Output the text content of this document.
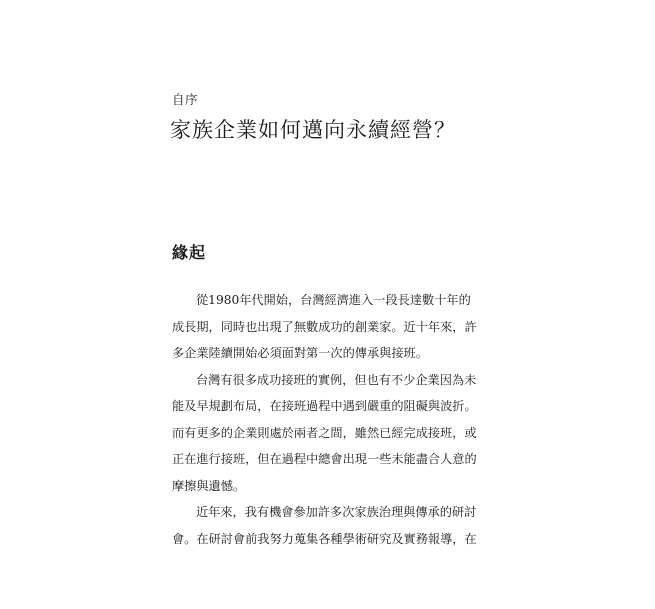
自序
家族企業如何邁向永續經營？
緣起
從1980年代開始，台灣經濟進入一段長達數十年的
成長期，同時也出現了無數成功的創業家。近十年來，許
多企業陸續開始必須面對第一次的傳承與接班。
台灣有很多成功接班的實例，但也有不少企業因為未
能及早規劃布局，在接班過程中遇到嚴重的阻礙與波折。
而有更多的企業則處於兩者之間，雖然已經完成接班，或
正在進行接班，但在過程中總會出現一些未能盡合人意的
摩擦與遺憾。
近年來，我有機會參加許多次家族治理與傳承的研討
會。在研討會前我努力蒐集各種學術研究及實務報導，在
